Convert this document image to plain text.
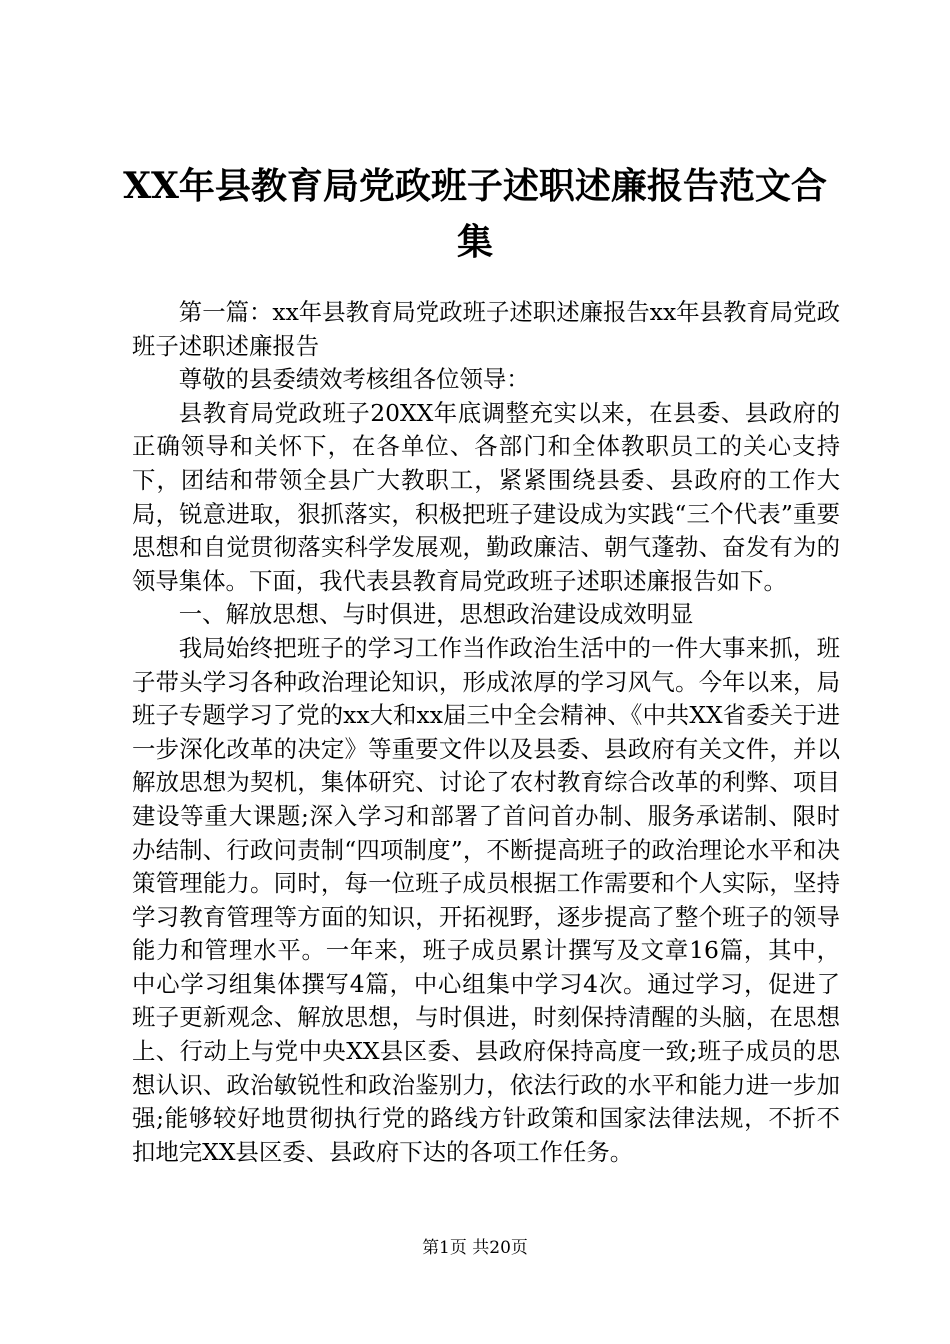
XX年县教育局党政班子述职述廉报告范文合集

第一篇：xx年县教育局党政班子述职述廉报告xx年县教育局党政班子述职述廉报告

尊敬的县委绩效考核组各位领导：

县教育局党政班子20XX年底调整充实以来，在县委、县政府的正确领导和关怀下，在各单位、各部门和全体教职员工的关心支持下，团结和带领全县广大教职工，紧紧围绕县委、县政府的工作大局，锐意进取，狠抓落实，积极把班子建设成为实践“三个代表”重要思想和自觉贯彻落实科学发展观，勤政廉洁、朝气蓬勃、奋发有为的领导集体。下面，我代表县教育局党政班子述职述廉报告如下。

一、解放思想、与时俱进，思想政治建设成效明显

我局始终把班子的学习工作当作政治生活中的一件大事来抓，班子带头学习各种政治理论知识，形成浓厚的学习风气。今年以来，局班子专题学习了党的xx大和xx届三中全会精神、《中共XX省委关于进一步深化改革的决定》等重要文件以及县委、县政府有关文件，并以解放思想为契机，集体研究、讨论了农村教育综合改革的利弊、项目建设等重大课题;深入学习和部署了首问首办制、服务承诺制、限时办结制、行政问责制“四项制度”，不断提高班子的政治理论水平和决策管理能力。同时，每一位班子成员根据工作需要和个人实际，坚持学习教育管理等方面的知识，开拓视野，逐步提高了整个班子的领导能力和管理水平。一年来，班子成员累计撰写及文章16篇，其中，中心学习组集体撰写4篇，中心组集中学习4次。通过学习，促进了班子更新观念、解放思想，与时俱进，时刻保持清醒的头脑，在思想上、行动上与党中央XX县区委、县政府保持高度一致;班子成员的思想认识、政治敏锐性和政治鉴别力，依法行政的水平和能力进一步加强;能够较好地贯彻执行党的路线方针政策和国家法律法规，不折不扣地完XX县区委、县政府下达的各项工作任务。

第1页 共20页
